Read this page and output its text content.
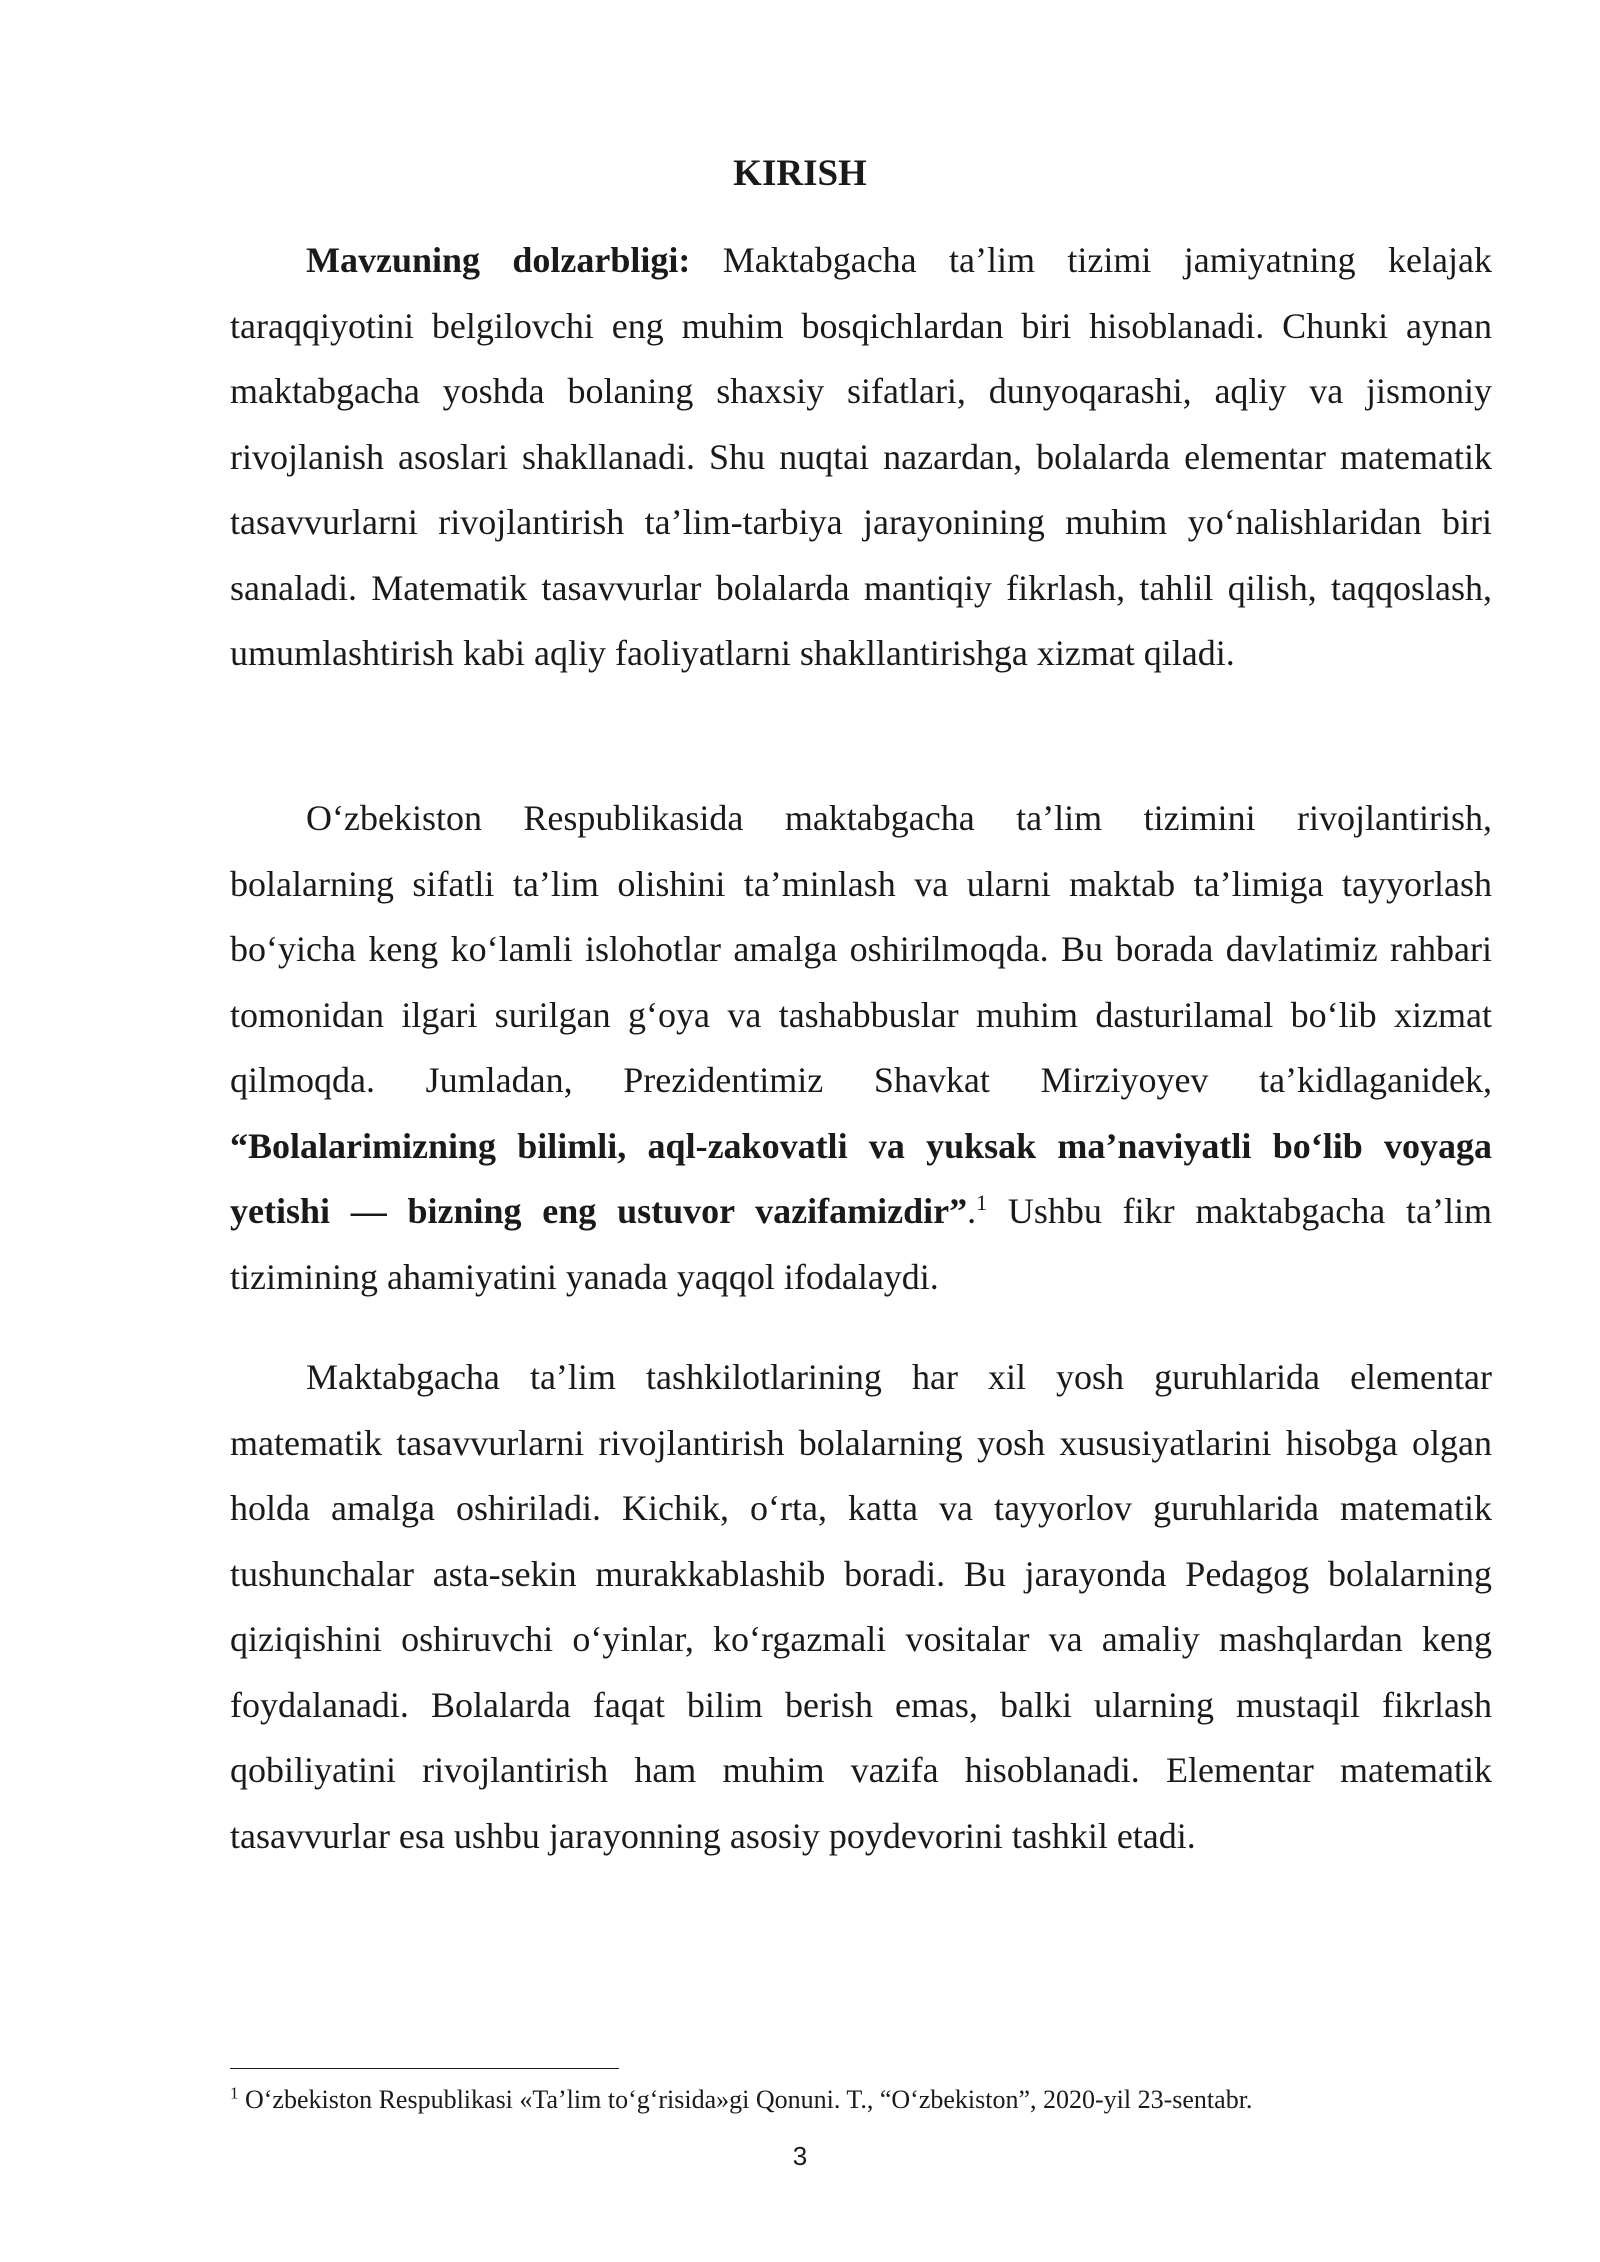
KIRISH

Mavzuning dolzarbligi: Maktabgacha ta’lim tizimi jamiyatning kelajak taraqqiyotini belgilovchi eng muhim bosqichlardan biri hisoblanadi. Chunki aynan maktabgacha yoshda bolaning shaxsiy sifatlari, dunyoqarashi, aqliy va jismoniy rivojlanish asoslari shakllanadi. Shu nuqtai nazardan, bolalarda elementar matematik tasavvurlarni rivojlantirish ta’lim-tarbiya jarayonining muhim yo‘nalishlaridan biri sanaladi. Matematik tasavvurlar bolalarda mantiqiy fikrlash, tahlil qilish, taqqoslash, umumlashtirish kabi aqliy faoliyatlarni shakllantirishga xizmat qiladi.

O‘zbekiston Respublikasida maktabgacha ta’lim tizimini rivojlantirish, bolalarning sifatli ta’lim olishini ta’minlash va ularni maktab ta’limiga tayyorlash bo‘yicha keng ko‘lamli islohotlar amalga oshirilmoqda. Bu borada davlatimiz rahbari tomonidan ilgari surilgan g‘oya va tashabbuslar muhim dasturilamal bo‘lib xizmat qilmoqda. Jumladan, Prezidentimiz Shavkat Mirziyoyev ta’kidlaganidek, “Bolalarimizning bilimli, aql-zakovatli va yuksak ma’naviyatli bo‘lib voyaga yetishi — bizning eng ustuvor vazifamizdir”.$^1$ Ushbu fikr maktabgacha ta’lim tizimining ahamiyatini yanada yaqqol ifodalaydi.

Maktabgacha ta’lim tashkilotlarining har xil yosh guruhlarida elementar matematik tasavvurlarni rivojlantirish bolalarning yosh xususiyatlarini hisobga olgan holda amalga oshiriladi. Kichik, o‘rta, katta va tayyorlov guruhlarida matematik tushunchalar asta-sekin murakkablashib boradi. Bu jarayonda Pedagog bolalarning qiziqishini oshiruvchi o‘yinlar, ko‘rgazmali vositalar va amaliy mashqlardan keng foydalanadi. Bolalarda faqat bilim berish emas, balki ularning mustaqil fikrlash qobiliyatini rivojlantirish ham muhim vazifa hisoblanadi. Elementar matematik tasavvurlar esa ushbu jarayonning asosiy poydevorini tashkil etadi.

$^1$ O‘zbekiston Respublikasi «Ta’lim to‘g‘risida»gi Qonuni. T., “O‘zbekiston”, 2020-yil 23-sentabr.

3
